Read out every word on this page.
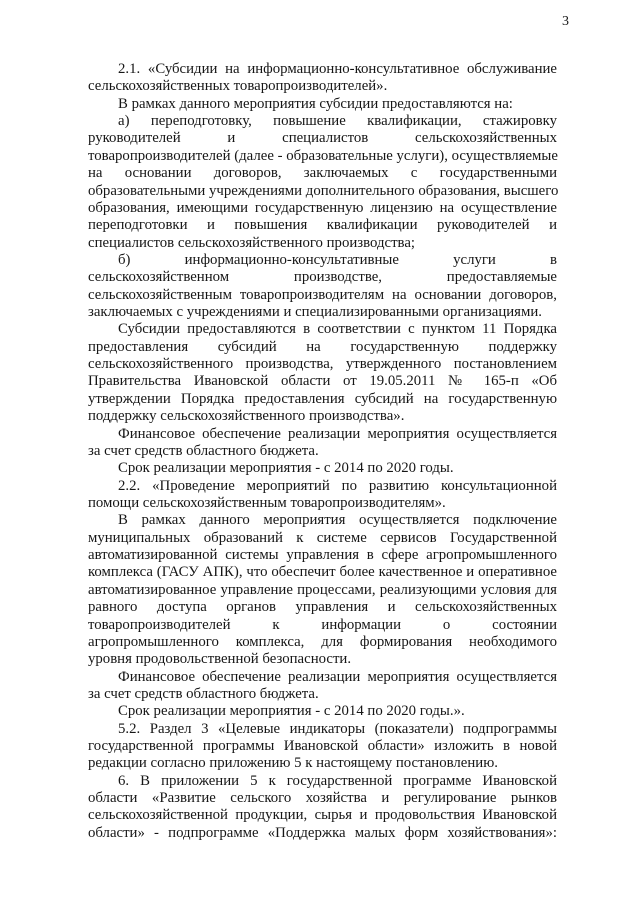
3
2.1. «Субсидии на информационно-консультативное обслуживание
сельскохозяйственных товаропроизводителей».
В рамках данного мероприятия субсидии предоставляются на:
а) переподготовку, повышение квалификации, стажировку
руководителей и специалистов сельскохозяйственных
товаропроизводителей (далее - образовательные услуги), осуществляемые
на основании договоров, заключаемых с государственными
образовательными учреждениями дополнительного образования, высшего
образования, имеющими государственную лицензию на осуществление
переподготовки и повышения квалификации руководителей и
специалистов сельскохозяйственного производства;
б) информационно-консультативные услуги в
сельскохозяйственном производстве, предоставляемые
сельскохозяйственным товаропроизводителям на основании договоров,
заключаемых с учреждениями и специализированными организациями.
Субсидии предоставляются в соответствии с пунктом 11 Порядка
предоставления субсидий на государственную поддержку
сельскохозяйственного производства, утвержденного постановлением
Правительства Ивановской области от 19.05.2011 № 165-п «Об
утверждении Порядка предоставления субсидий на государственную
поддержку сельскохозяйственного производства».
Финансовое обеспечение реализации мероприятия осуществляется
за счет средств областного бюджета.
Срок реализации мероприятия - с 2014 по 2020 годы.
2.2. «Проведение мероприятий по развитию консультационной
помощи сельскохозяйственным товаропроизводителям».
В рамках данного мероприятия осуществляется подключение
муниципальных образований к системе сервисов Государственной
автоматизированной системы управления в сфере агропромышленного
комплекса (ГАСУ АПК), что обеспечит более качественное и оперативное
автоматизированное управление процессами, реализующими условия для
равного доступа органов управления и сельскохозяйственных
товаропроизводителей к информации о состоянии
агропромышленного комплекса, для формирования необходимого
уровня продовольственной безопасности.
Финансовое обеспечение реализации мероприятия осуществляется
за счет средств областного бюджета.
Срок реализации мероприятия - с 2014 по 2020 годы.».
5.2. Раздел 3 «Целевые индикаторы (показатели) подпрограммы
государственной программы Ивановской области» изложить в новой
редакции согласно приложению 5 к настоящему постановлению.
6. В приложении 5 к государственной программе Ивановской
области «Развитие сельского хозяйства и регулирование рынков
сельскохозяйственной продукции, сырья и продовольствия Ивановской
области» - подпрограмме «Поддержка малых форм хозяйствования»:
